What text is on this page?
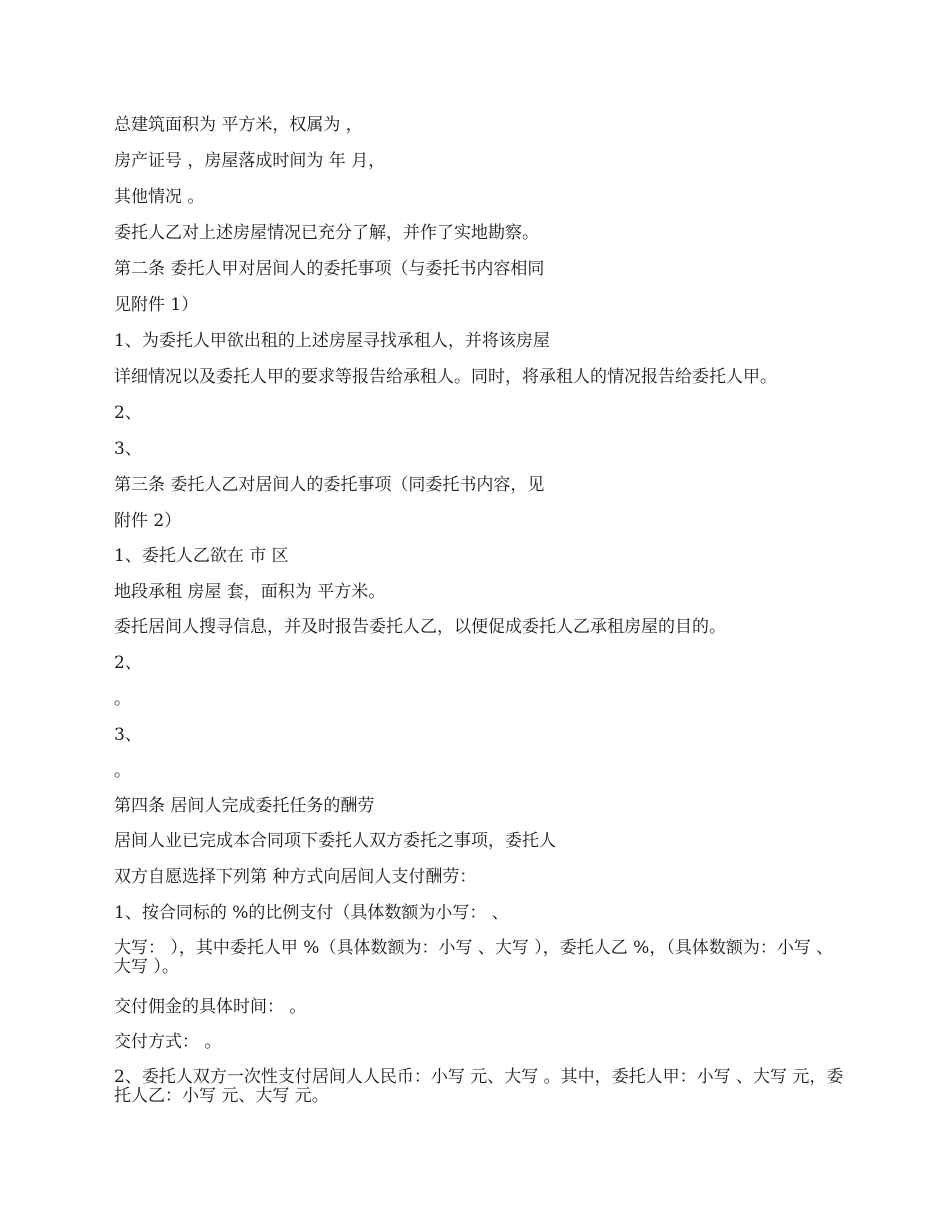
总建筑面积为 平方米，权属为 ，
房产证号 ，房屋落成时间为 年 月，
其他情况 。
委托人乙对上述房屋情况已充分了解，并作了实地勘察。
第二条 委托人甲对居间人的委托事项（与委托书内容相同
见附件 1）
1、为委托人甲欲出租的上述房屋寻找承租人，并将该房屋
详细情况以及委托人甲的要求等报告给承租人。同时，将承租人的情况报告给委托人甲。
2、
3、
第三条 委托人乙对居间人的委托事项（同委托书内容，见
附件 2）
1、委托人乙欲在 市 区
地段承租 房屋 套，面积为 平方米。
委托居间人搜寻信息，并及时报告委托人乙，以便促成委托人乙承租房屋的目的。
2、
。
3、
。
第四条 居间人完成委托任务的酬劳
居间人业已完成本合同项下委托人双方委托之事项，委托人
双方自愿选择下列第 种方式向居间人支付酬劳：
1、按合同标的 %的比例支付（具体数额为小写： 、
大写： ），其中委托人甲 %（具体数额为：小写 、大写 ），委托人乙 %，（具体数额为：小写 、大写 ）。
交付佣金的具体时间： 。
交付方式： 。
2、委托人双方一次性支付居间人人民币：小写 元、大写 。其中，委托人甲：小写 、大写 元，委托人乙：小写 元、大写 元。
